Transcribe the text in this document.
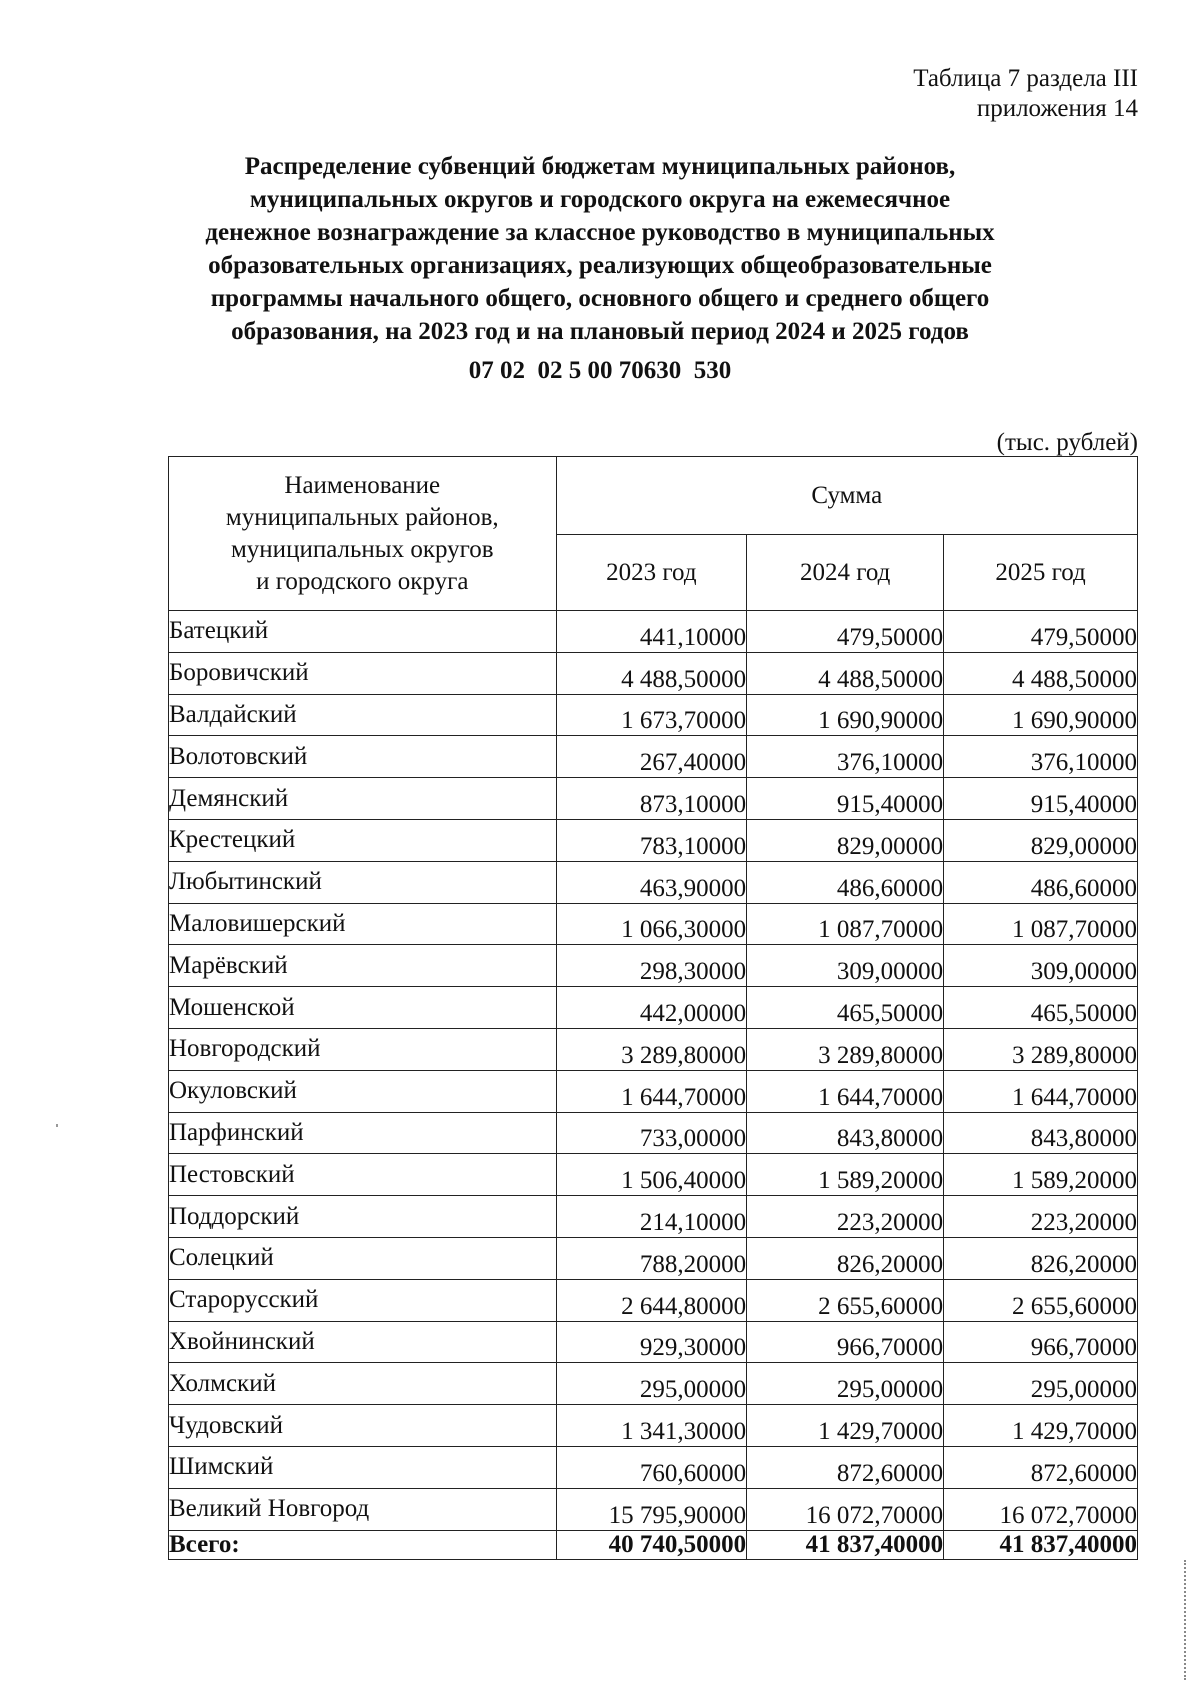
Таблица 7 раздела III
приложения 14
Распределение субвенций бюджетам муниципальных районов,
муниципальных округов и городского округа на ежемесячное
денежное вознаграждение за классное руководство в муниципальных
образовательных организациях, реализующих общеобразовательные
программы начального общего, основного общего и среднего общего
образования, на 2023 год и на плановый период 2024 и 2025 годов
07 02  02 5 00 70630  530
(тыс. рублей)
Наименование
муниципальных районов,
муниципальных округов
и городского округа	Сумма		
	2023 год	2024 год	2025 год
Батецкий	441,10000	479,50000	479,50000
Боровичский	4 488,50000	4 488,50000	4 488,50000
Валдайский	1 673,70000	1 690,90000	1 690,90000
Волотовский	267,40000	376,10000	376,10000
Демянский	873,10000	915,40000	915,40000
Крестецкий	783,10000	829,00000	829,00000
Любытинский	463,90000	486,60000	486,60000
Маловишерский	1 066,30000	1 087,70000	1 087,70000
Марёвский	298,30000	309,00000	309,00000
Мошенской	442,00000	465,50000	465,50000
Новгородский	3 289,80000	3 289,80000	3 289,80000
Окуловский	1 644,70000	1 644,70000	1 644,70000
Парфинский	733,00000	843,80000	843,80000
Пестовский	1 506,40000	1 589,20000	1 589,20000
Поддорский	214,10000	223,20000	223,20000
Солецкий	788,20000	826,20000	826,20000
Старорусский	2 644,80000	2 655,60000	2 655,60000
Хвойнинский	929,30000	966,70000	966,70000
Холмский	295,00000	295,00000	295,00000
Чудовский	1 341,30000	1 429,70000	1 429,70000
Шимский	760,60000	872,60000	872,60000
Великий Новгород	15 795,90000	16 072,70000	16 072,70000
Всего:	40 740,50000	41 837,40000	41 837,40000
